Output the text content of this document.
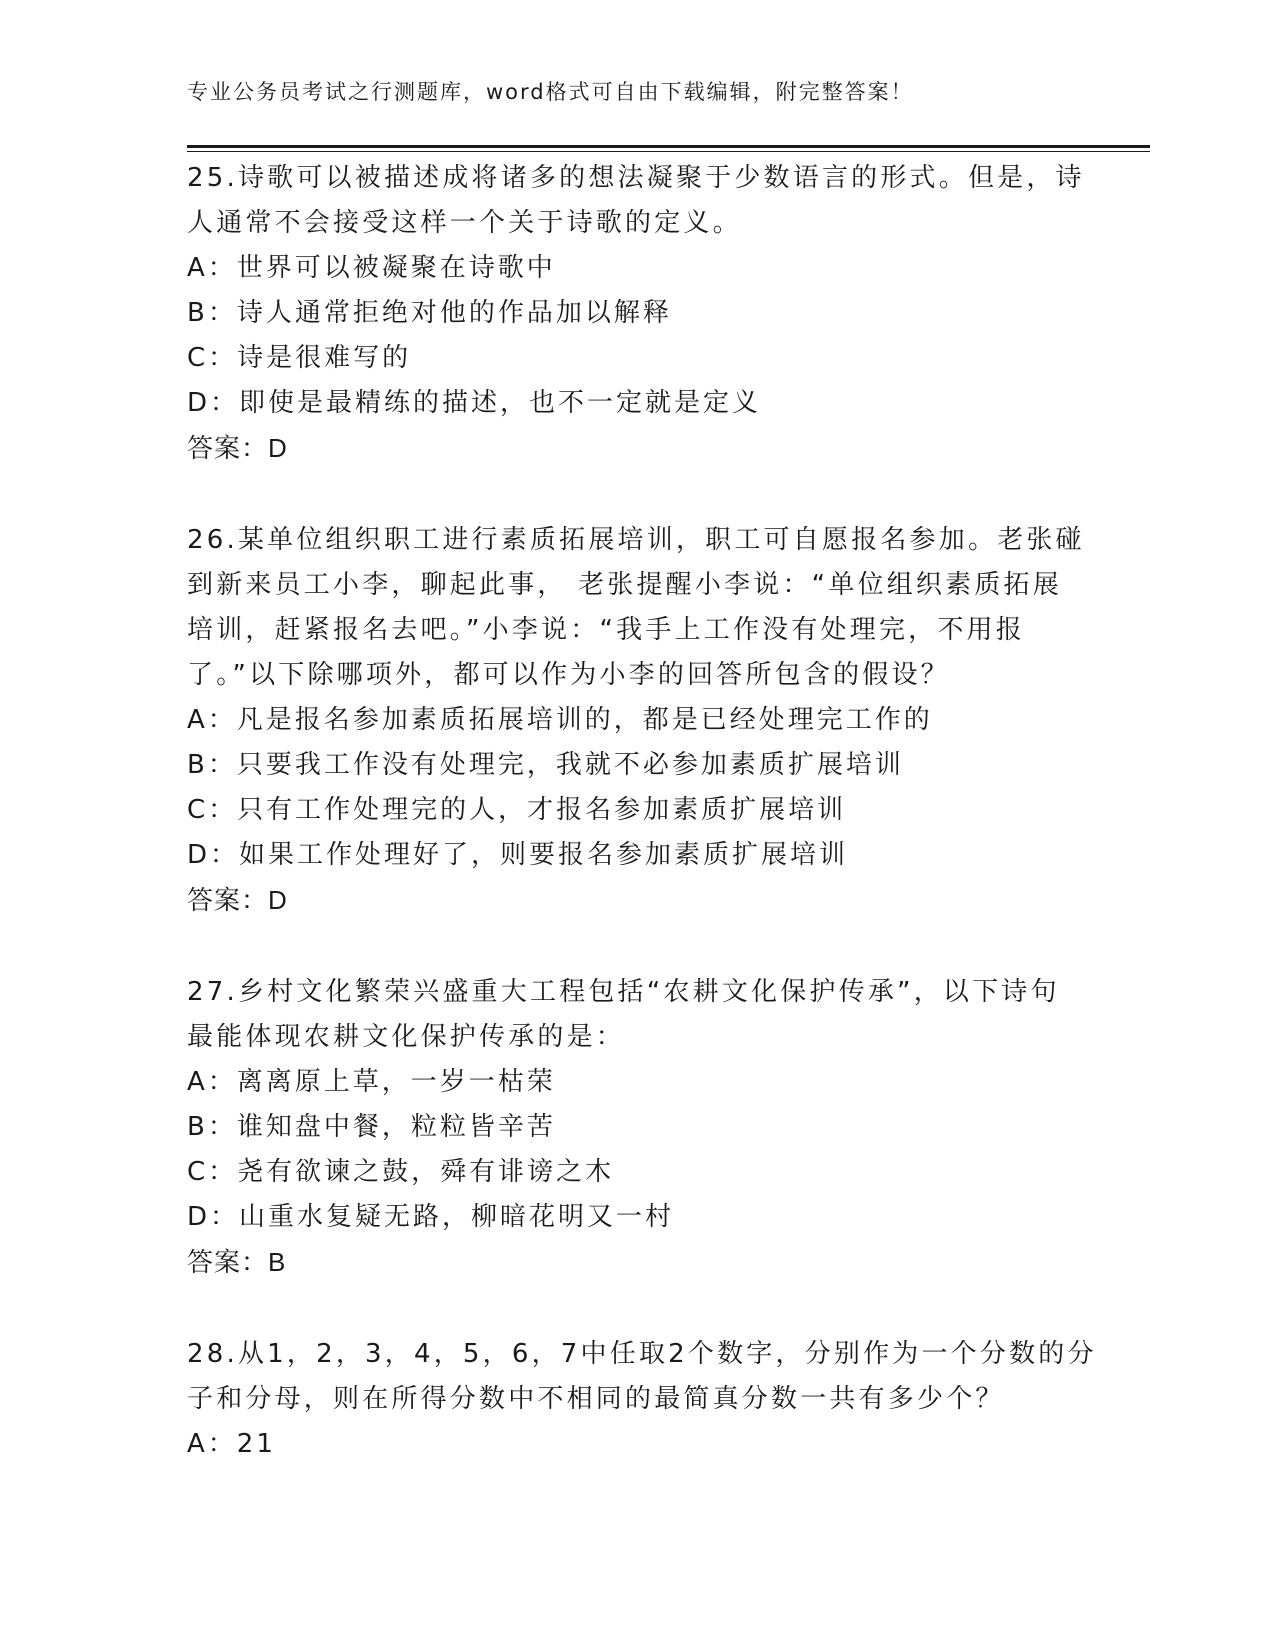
专业公务员考试之行测题库，word格式可自由下载编辑，附完整答案！
25.诗歌可以被描述成将诸多的想法凝聚于少数语言的形式。但是，诗
人通常不会接受这样一个关于诗歌的定义。
A：世界可以被凝聚在诗歌中
B：诗人通常拒绝对他的作品加以解释
C：诗是很难写的
D：即使是最精练的描述，也不一定就是定义
答案：D
26.某单位组织职工进行素质拓展培训，职工可自愿报名参加。老张碰
到新来员工小李，聊起此事， 老张提醒小李说：“单位组织素质拓展
培训，赶紧报名去吧。”小李说：“我手上工作没有处理完，不用报
了。”以下除哪项外，都可以作为小李的回答所包含的假设？
A：凡是报名参加素质拓展培训的，都是已经处理完工作的
B：只要我工作没有处理完，我就不必参加素质扩展培训
C：只有工作处理完的人，才报名参加素质扩展培训
D：如果工作处理好了，则要报名参加素质扩展培训
答案：D
27.乡村文化繁荣兴盛重大工程包括“农耕文化保护传承”，以下诗句
最能体现农耕文化保护传承的是：
A：离离原上草，一岁一枯荣
B：谁知盘中餐，粒粒皆辛苦
C：尧有欲谏之鼓，舜有诽谤之木
D：山重水复疑无路，柳暗花明又一村
答案：B
28.从1，2，3，4，5，6，7中任取2个数字，分别作为一个分数的分
子和分母，则在所得分数中不相同的最简真分数一共有多少个？
A：21
